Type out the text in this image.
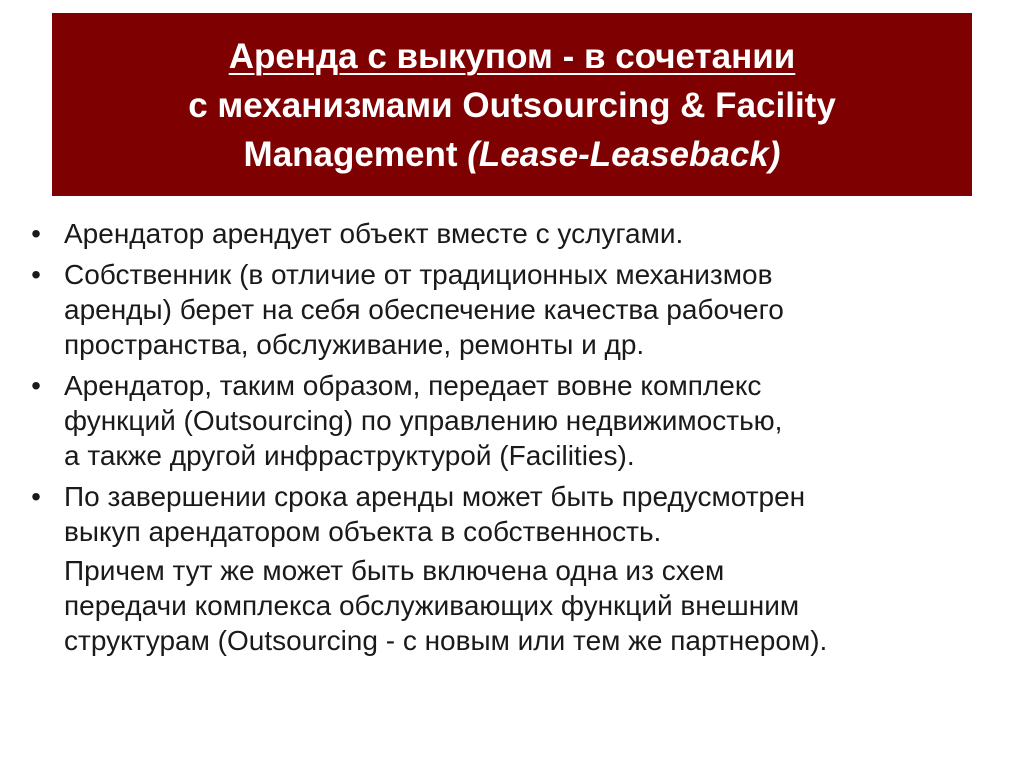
Аренда с выкупом - в сочетании
с механизмами Outsourcing & Facility
Management (Lease-Leaseback)
• Арендатор арендует объект вместе с услугами.
• Собственник (в отличие от традиционных механизмов
аренды) берет на себя обеспечение качества рабочего
пространства, обслуживание, ремонты и др.
• Арендатор, таким образом, передает вовне комплекс
функций (Outsourcing) по управлению недвижимостью,
а также другой инфраструктурой (Facilities).
• По завершении срока аренды может быть предусмотрен
выкуп арендатором объекта в собственность.
Причем тут же может быть включена одна из схем
передачи комплекса обслуживающих функций внешним
структурам (Outsourcing - с новым или тем же партнером).
